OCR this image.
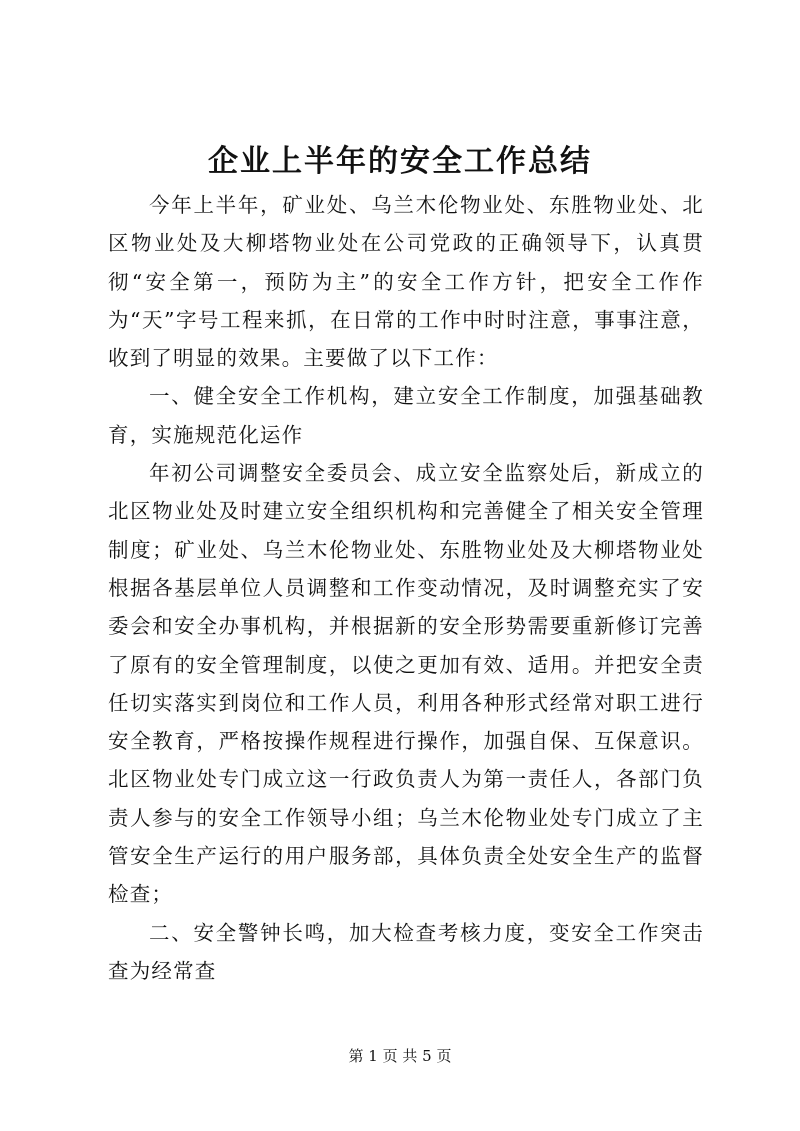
企业上半年的安全工作总结

今年上半年，矿业处、乌兰木伦物业处、东胜物业处、北区物业处及大柳塔物业处在公司党政的正确领导下，认真贯彻“安全第一，预防为主”的安全工作方针，把安全工作作为“天”字号工程来抓，在日常的工作中时时注意，事事注意，收到了明显的效果。主要做了以下工作：

一、健全安全工作机构，建立安全工作制度，加强基础教育，实施规范化运作

年初公司调整安全委员会、成立安全监察处后，新成立的北区物业处及时建立安全组织机构和完善健全了相关安全管理制度；矿业处、乌兰木伦物业处、东胜物业处及大柳塔物业处根据各基层单位人员调整和工作变动情况，及时调整充实了安委会和安全办事机构，并根据新的安全形势需要重新修订完善了原有的安全管理制度，以使之更加有效、适用。并把安全责任切实落实到岗位和工作人员，利用各种形式经常对职工进行安全教育，严格按操作规程进行操作，加强自保、互保意识。北区物业处专门成立这一行政负责人为第一责任人，各部门负责人参与的安全工作领导小组；乌兰木伦物业处专门成立了主管安全生产运行的用户服务部，具体负责全处安全生产的监督检查；

二、安全警钟长鸣，加大检查考核力度，变安全工作突击查为经常查

第 1 页 共 5 页
